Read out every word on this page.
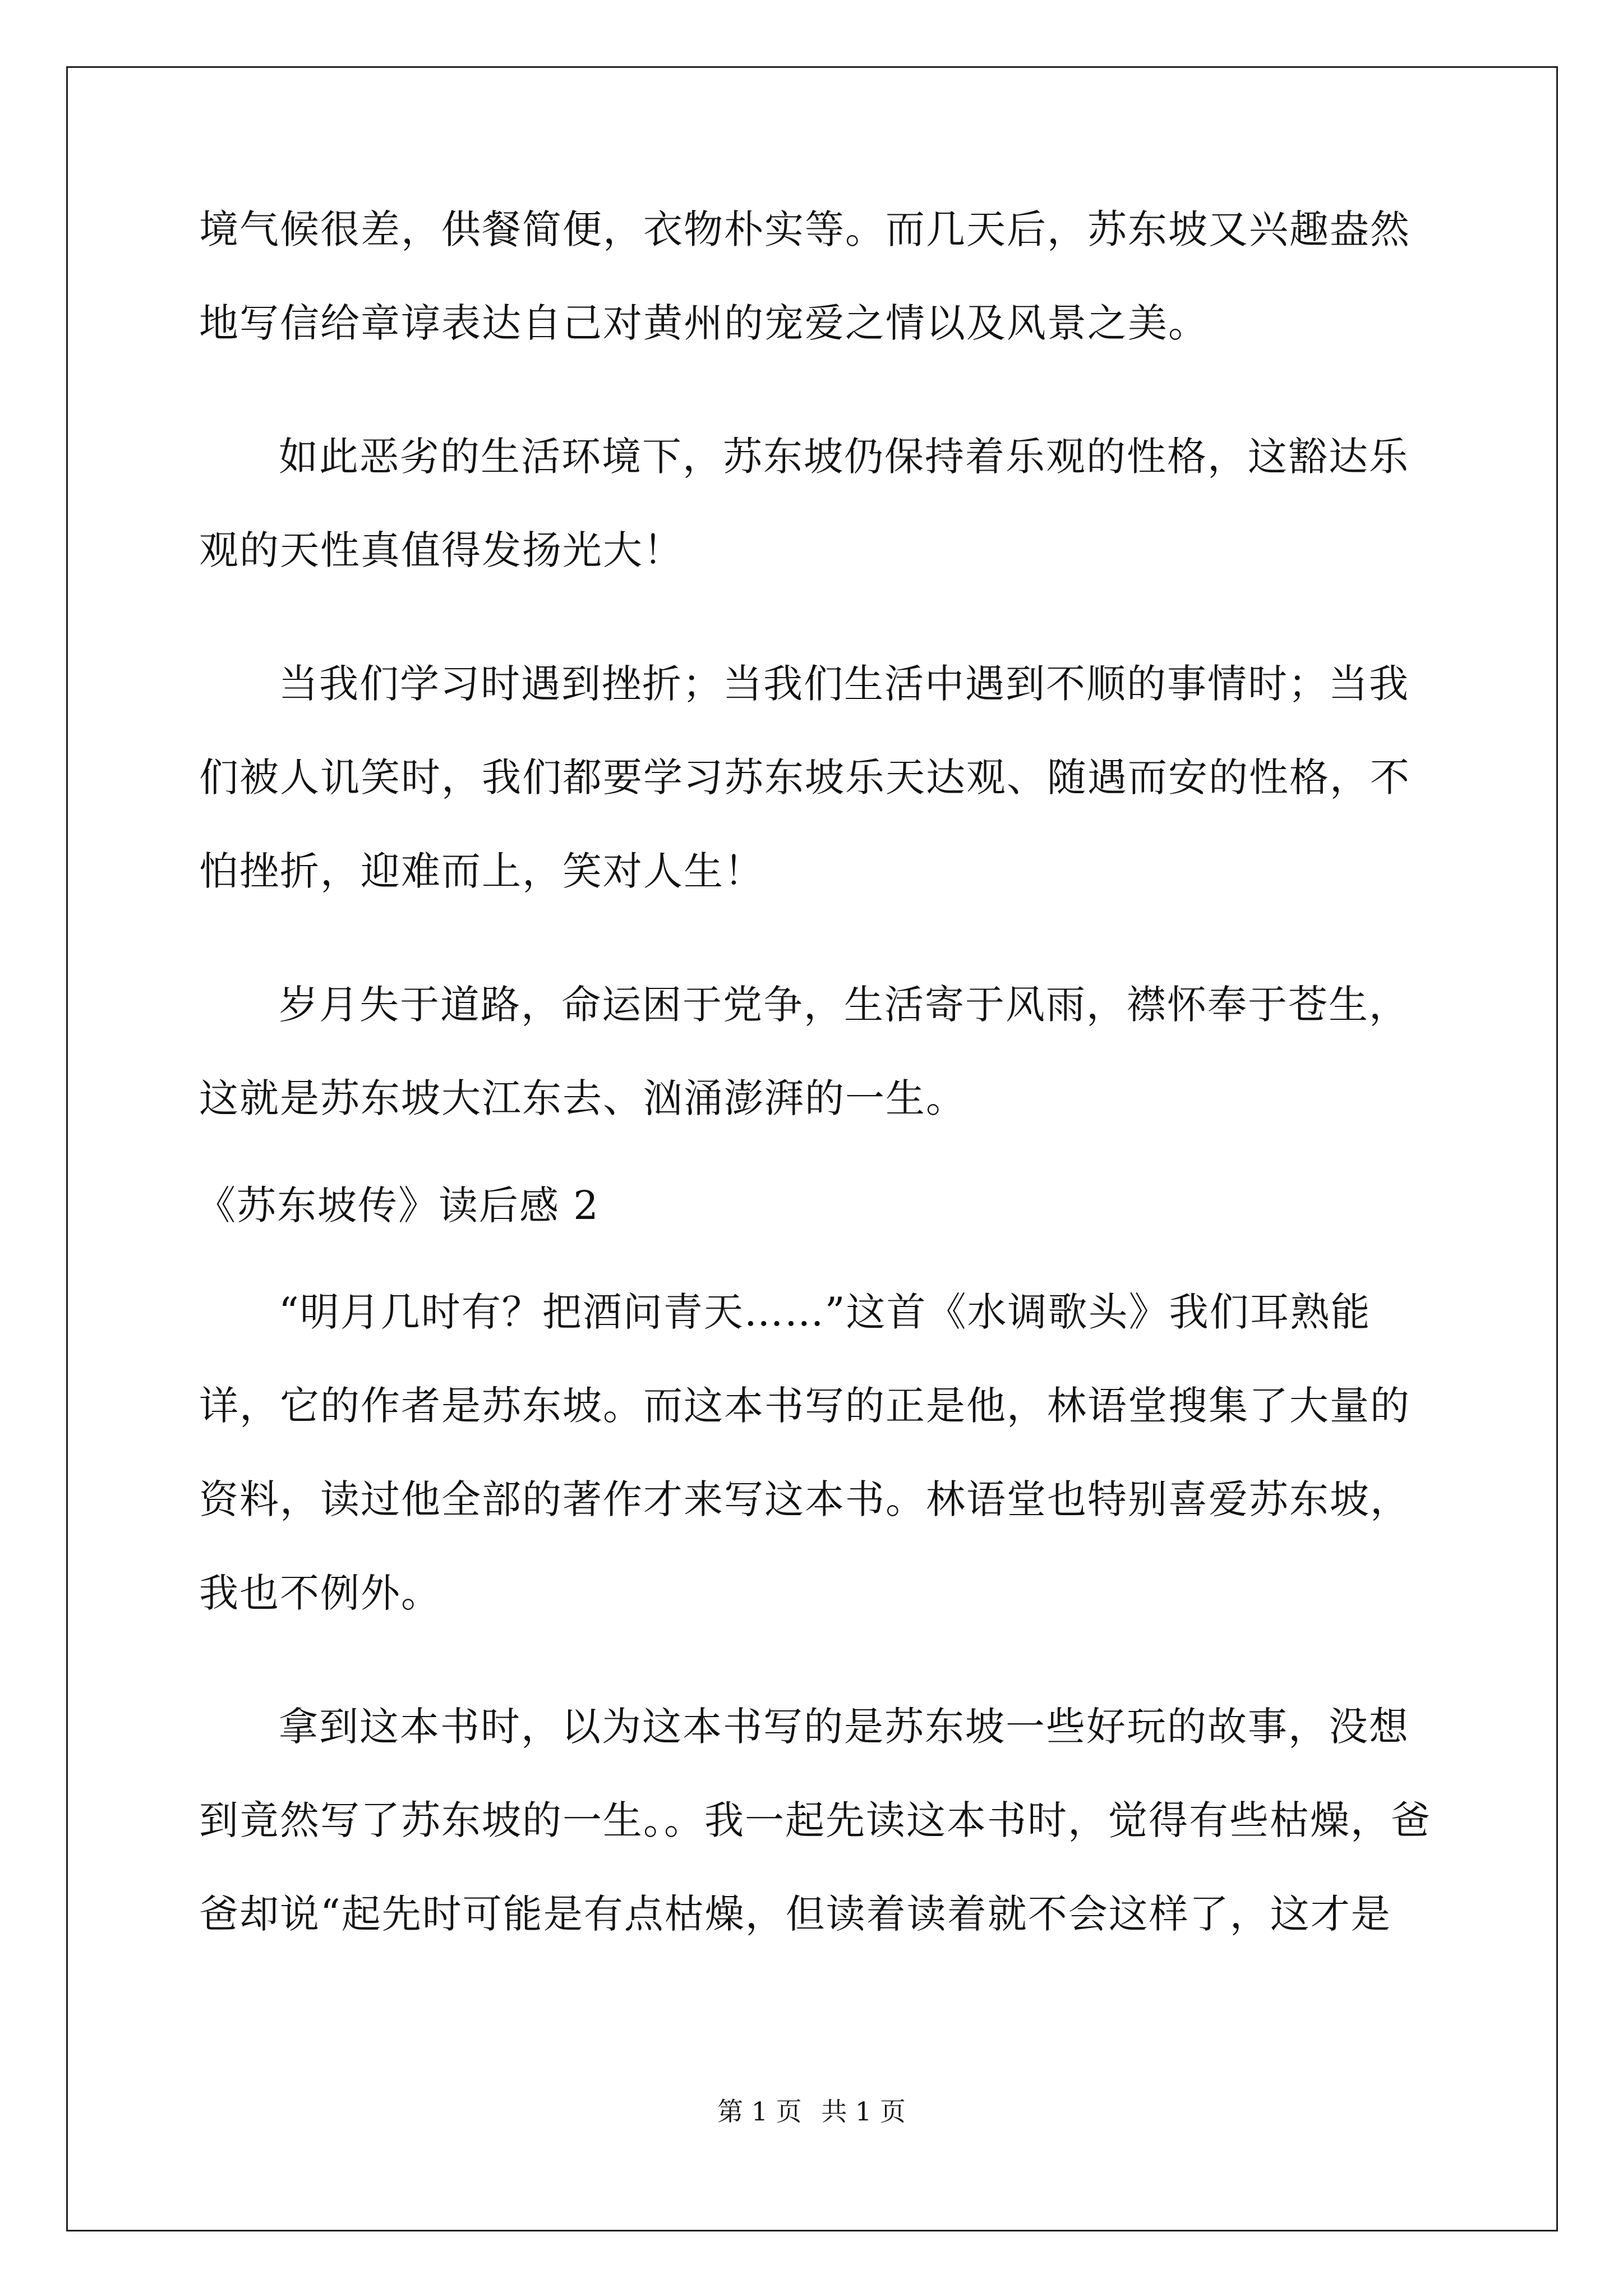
境气候很差，供餐简便，衣物朴实等。而几天后，苏东坡又兴趣盎然
地写信给章谆表达自己对黄州的宠爱之情以及风景之美。
如此恶劣的生活环境下，苏东坡仍保持着乐观的性格，这豁达乐
观的天性真值得发扬光大！
当我们学习时遇到挫折；当我们生活中遇到不顺的事情时；当我
们被人讥笑时，我们都要学习苏东坡乐天达观、随遇而安的性格，不
怕挫折，迎难而上，笑对人生！
岁月失于道路，命运困于党争，生活寄于风雨，襟怀奉于苍生，
这就是苏东坡大江东去、汹涌澎湃的一生。
《苏东坡传》读后感 2
“明月几时有？把酒问青天……”这首《水调歌头》我们耳熟能
详，它的作者是苏东坡。而这本书写的正是他，林语堂搜集了大量的
资料，读过他全部的著作才来写这本书。林语堂也特别喜爱苏东坡，
我也不例外。
拿到这本书时，以为这本书写的是苏东坡一些好玩的故事，没想
到竟然写了苏东坡的一生。。我一起先读这本书时，觉得有些枯燥，爸
爸却说“起先时可能是有点枯燥，但读着读着就不会这样了，这才是
第 1 页 共 1 页
